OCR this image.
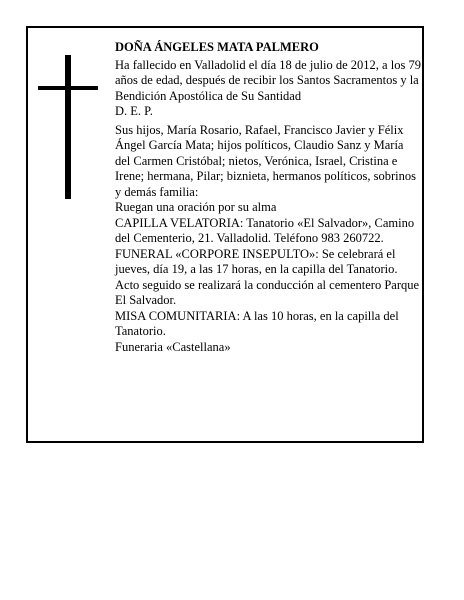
DOÑA ÁNGELES MATA PALMERO

Ha fallecido en Valladolid el día 18 de julio de 2012, a los 79 años de edad, después de recibir los Santos Sacramentos y la Bendición Apostólica de Su Santidad

D. E. P.

Sus hijos, María Rosario, Rafael, Francisco Javier y Félix Ángel García Mata; hijos políticos, Claudio Sanz y María del Carmen Cristóbal; nietos, Verónica, Israel, Cristina e Irene; hermana, Pilar; biznieta, hermanos políticos, sobrinos y demás familia:

Ruegan una oración por su alma

CAPILLA VELATORIA: Tanatorio «El Salvador», Camino del Cementerio, 21. Valladolid. Teléfono 983 260722.

FUNERAL «CORPORE INSEPULTO»: Se celebrará el jueves, día 19, a las 17 horas, en la capilla del Tanatorio. Acto seguido se realizará la conducción al cementero Parque El Salvador.

MISA COMUNITARIA: A las 10 horas, en la capilla del Tanatorio.

Funeraria «Castellana»
